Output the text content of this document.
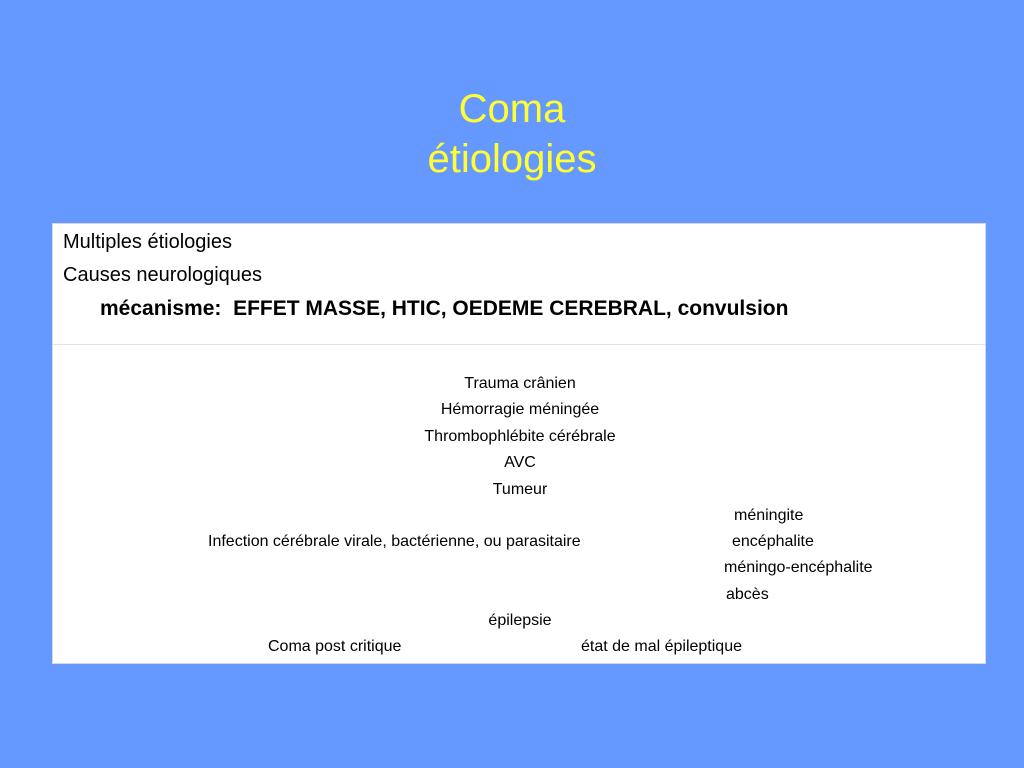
Coma
étiologies
Multiples étiologies
Causes neurologiques
mécanisme:  EFFET MASSE, HTIC, OEDEME CEREBRAL, convulsion
Trauma crânien
Hémorragie méningée
Thrombophlébite cérébrale
AVC
Tumeur
méningite
Infection cérébrale virale, bactérienne, ou parasitaire	encéphalite
méningo-encéphalite
abcès
épilepsie
Coma post critique	état de mal épileptique
